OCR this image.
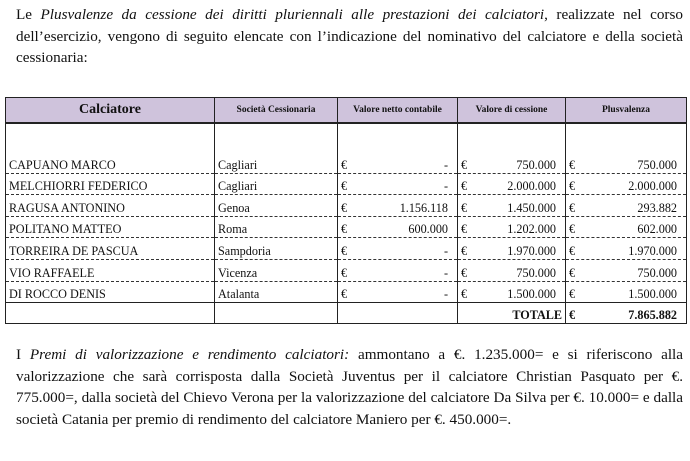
Le Plusvalenze da cessione dei diritti pluriennali alle prestazioni dei calciatori, realizzate nel corso dell’esercizio, vengono di seguito elencate con l’indicazione del nominativo del calciatore e della società cessionaria:

Calciatore	Società Cessionaria	Valore netto contabile	Valore di cessione	Plusvalenza

CAPUANO MARCO	Cagliari	€ -	€ 750.000	€ 750.000

MELCHIORRI FEDERICO	Cagliari	€ -	€ 2.000.000	€ 2.000.000

RAGUSA ANTONINO	Genoa	€ 1.156.118	€ 1.450.000	€ 293.882

POLITANO MATTEO	Roma	€ 600.000	€ 1.202.000	€ 602.000

TORREIRA DE PASCUA	Sampdoria	€ -	€ 1.970.000	€ 1.970.000

VIO RAFFAELE	Vicenza	€ -	€ 750.000	€ 750.000

DI ROCCO DENIS	Atalanta	€ -	€ 1.500.000	€ 1.500.000

			TOTALE	€ 7.865.882

I Premi di valorizzazione e rendimento calciatori: ammontano a €. 1.235.000= e si riferiscono alla valorizzazione che sarà corrisposta dalla Società Juventus per il calciatore Christian Pasquato per €. 775.000=, dalla società del Chievo Verona per la valorizzazione del calciatore Da Silva per €. 10.000= e dalla società Catania per premio di rendimento del calciatore Maniero per €. 450.000=.
